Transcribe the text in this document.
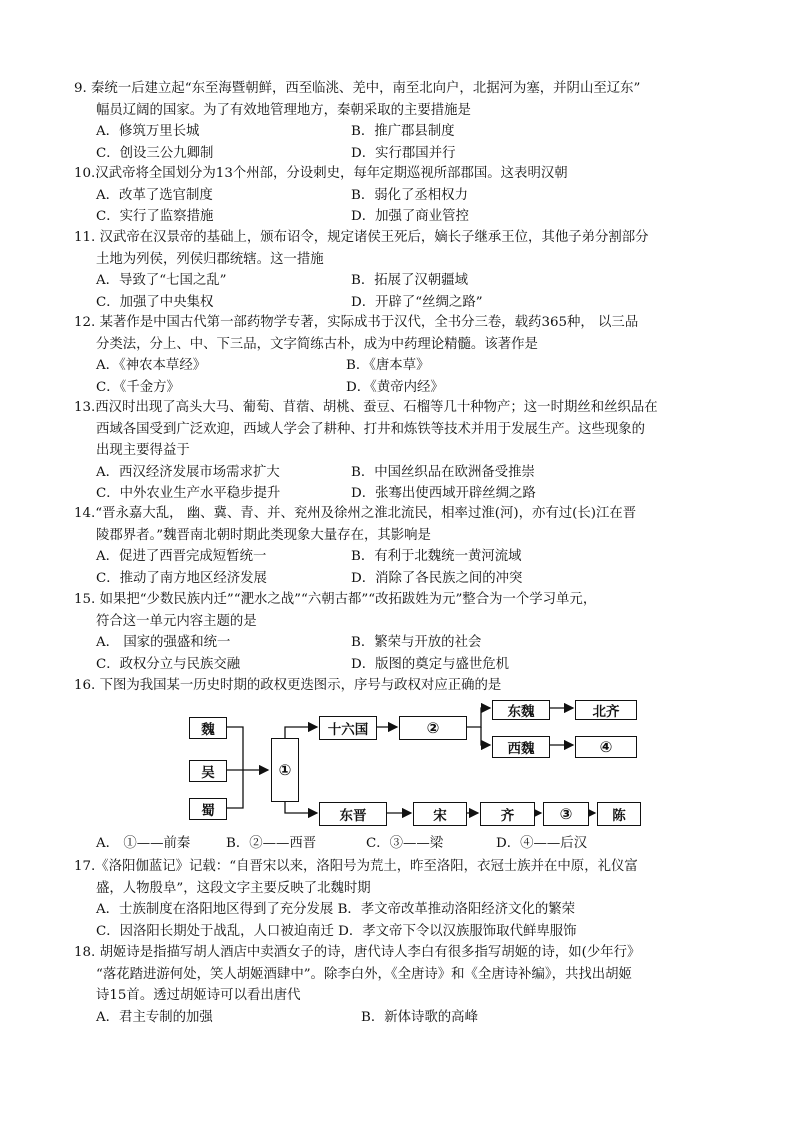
9. 秦统一后建立起“东至海暨朝鲜，西至临洮、羌中，南至北向户，北据河为塞，并阴山至辽东”
幅员辽阔的国家。为了有效地管理地方，秦朝采取的主要措施是

A．修筑万里长城	B．推广郡县制度
C．创设三公九卿制	D．实行郡国并行

10.汉武帝将全国划分为13个州部，分设刺史，每年定期巡视所部郡国。这表明汉朝

A．改革了选官制度	B．弱化了丞相权力
C．实行了监察措施	D．加强了商业管控

11. 汉武帝在汉景帝的基础上，颁布诏令，规定诸侯王死后，嫡长子继承王位，其他子弟分割部分
土地为列侯，列侯归郡统辖。这一措施

A．导致了“七国之乱”	B．拓展了汉朝疆域
C．加强了中央集权	D．开辟了“丝绸之路”

12. 某著作是中国古代第一部药物学专著，实际成书于汉代，全书分三卷，载药365种， 以三品
分类法，分上、中、下三品，文字简练古朴，成为中药理论精髓。该著作是

A．《神农本草经》	B．《唐本草》
C．《千金方》	D．《黄帝内经》

13.西汉时出现了高头大马、葡萄、苜蓿、胡桃、蚕豆、石榴等几十种物产；这一时期丝和丝织品在
西域各国受到广泛欢迎，西域人学会了耕种、打井和炼铁等技术并用于发展生产。这些现象的
出现主要得益于

A．西汉经济发展市场需求扩大	B．中国丝织品在欧洲备受推崇
C．中外农业生产水平稳步提升	D．张骞出使西域开辟丝绸之路

14.“晋永嘉大乱， 幽、冀、青、并、兖州及徐州之淮北流民，相率过淮(河)，亦有过(长)江在晋
陵郡界者。”魏晋南北朝时期此类现象大量存在，其影响是

A．促进了西晋完成短暂统一	B．有利于北魏统一黄河流域
C．推动了南方地区经济发展	D．消除了各民族之间的冲突

15. 如果把“少数民族内迁”“淝水之战”“六朝古都”“改拓跋姓为元”整合为一个学习单元，
符合这一单元内容主题的是

A． 国家的强盛和统一	B．繁荣与开放的社会
C．政权分立与民族交融	D．版图的奠定与盛世危机

16. 下图为我国某一历史时期的政权更迭图示，序号与政权对应正确的是

魏
吴
蜀
①
十六国	②
东魏	北齐
西魏	④
东晋	宋	齐	③	陈
A． ①——前秦	B．②——西晋	C．③——梁	D．④——后汉

17.《洛阳伽蓝记》记载：“自晋宋以来，洛阳号为荒土，昨至洛阳，衣冠士族并在中原，礼仪富
盛，人物殷阜”，这段文字主要反映了北魏时期

A．士族制度在洛阳地区得到了充分发展 B．孝文帝改革推动洛阳经济文化的繁荣
C．因洛阳长期处于战乱，人口被迫南迁 D．孝文帝下令以汉族服饰取代鲜卑服饰

18. 胡姬诗是指描写胡人酒店中卖酒女子的诗，唐代诗人李白有很多指写胡姬的诗，如(少年行》
“落花踏进游何处，笑人胡姬酒肆中”。除李白外，《全唐诗》和《全唐诗补编》，共找出胡姬
诗15首。透过胡姬诗可以看出唐代

A．君主专制的加强	B．新体诗歌的高峰
